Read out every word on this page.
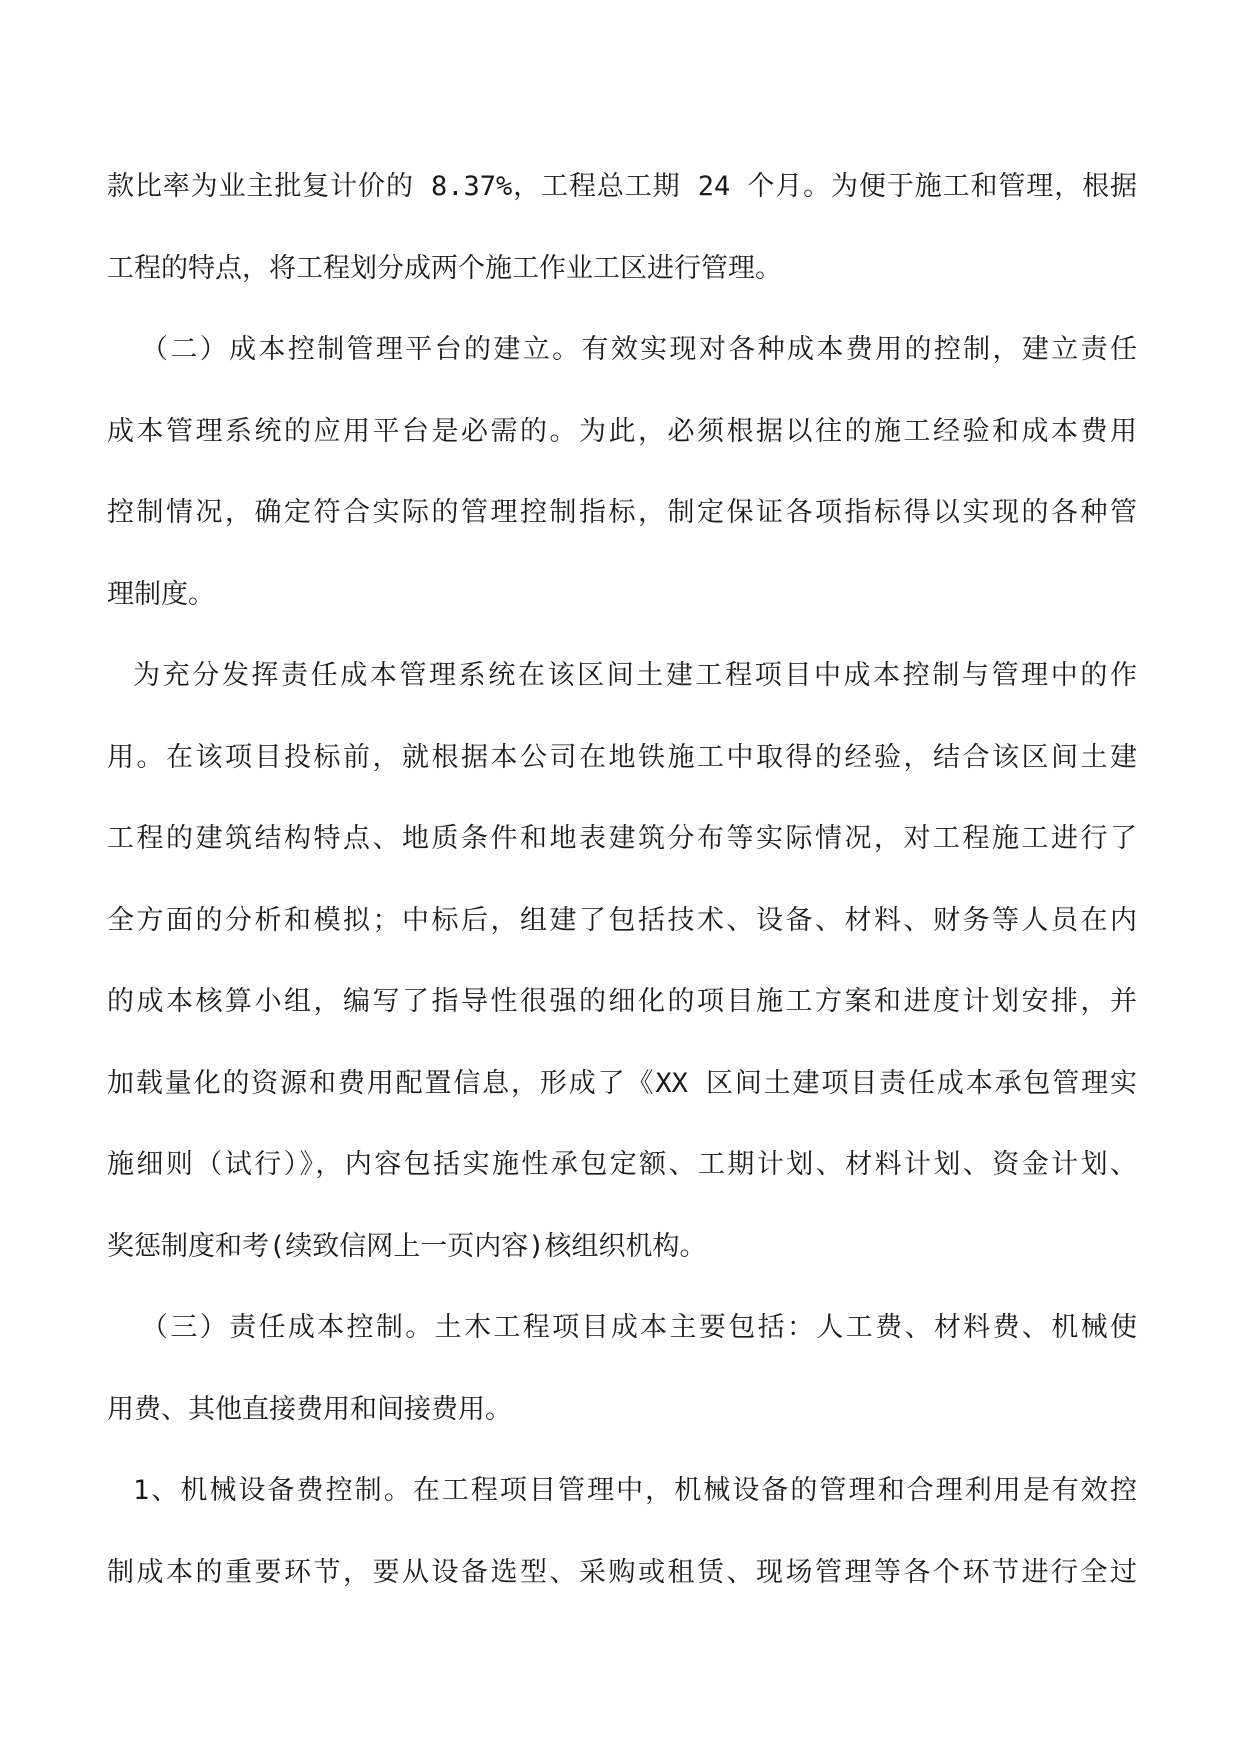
款比率为业主批复计价的 8.37%，工程总工期 24 个月。为便于施工和管理，根据
工程的特点，将工程划分成两个施工作业工区进行管理。
（二）成本控制管理平台的建立。有效实现对各种成本费用的控制，建立责任
成本管理系统的应用平台是必需的。为此，必须根据以往的施工经验和成本费用
控制情况，确定符合实际的管理控制指标，制定保证各项指标得以实现的各种管
理制度。
为充分发挥责任成本管理系统在该区间土建工程项目中成本控制与管理中的作
用。在该项目投标前，就根据本公司在地铁施工中取得的经验，结合该区间土建
工程的建筑结构特点、地质条件和地表建筑分布等实际情况，对工程施工进行了
全方面的分析和模拟；中标后，组建了包括技术、设备、材料、财务等人员在内
的成本核算小组，编写了指导性很强的细化的项目施工方案和进度计划安排，并
加载量化的资源和费用配置信息，形成了《XX 区间土建项目责任成本承包管理实
施细则（试行）》，内容包括实施性承包定额、工期计划、材料计划、资金计划、
奖惩制度和考(续致信网上一页内容)核组织机构。
（三）责任成本控制。土木工程项目成本主要包括：人工费、材料费、机械使
用费、其他直接费用和间接费用。
1、机械设备费控制。在工程项目管理中，机械设备的管理和合理利用是有效控
制成本的重要环节，要从设备选型、采购或租赁、现场管理等各个环节进行全过
